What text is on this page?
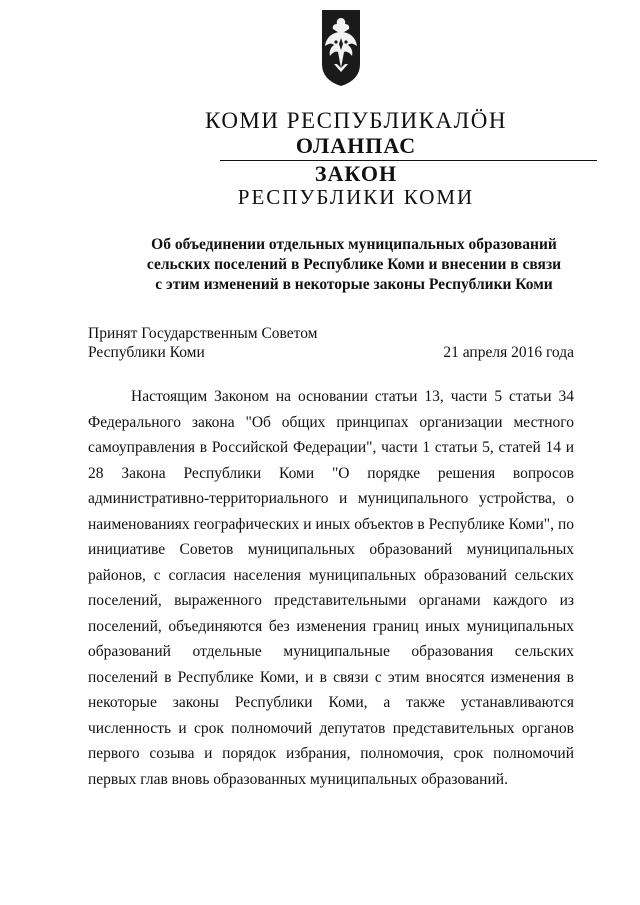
КОМИ РЕСПУБЛИКАЛӦН
ОЛАНПАС
ЗАКОН
РЕСПУБЛИКИ КОМИ
Об объединении отдельных муниципальных образований
сельских поселений в Республике Коми и внесении в связи
с этим изменений в некоторые законы Республики Коми
Принят Государственным Советом
Республики Коми	21 апреля 2016 года

Настоящим Законом на основании статьи 13, части 5 статьи 34 Федерального закона "Об общих принципах организации местного самоуправления в Российской Федерации", части 1 статьи 5, статей 14 и 28 Закона Республики Коми "О порядке решения вопросов административно-территориального и муниципального устройства, о наименованиях географических и иных объектов в Республике Коми", по инициативе Советов муниципальных образований муниципальных районов, с согласия населения муниципальных образований сельских поселений, выраженного представительными органами каждого из поселений, объединяются без изменения границ иных муниципальных образований отдельные муниципальные образования сельских поселений в Республике Коми, и в связи с этим вносятся изменения в некоторые законы Республики Коми, а также устанавливаются численность и срок полномочий депутатов представительных органов первого созыва и порядок избрания, полномочия, срок полномочий первых глав вновь образованных муниципальных образований.
